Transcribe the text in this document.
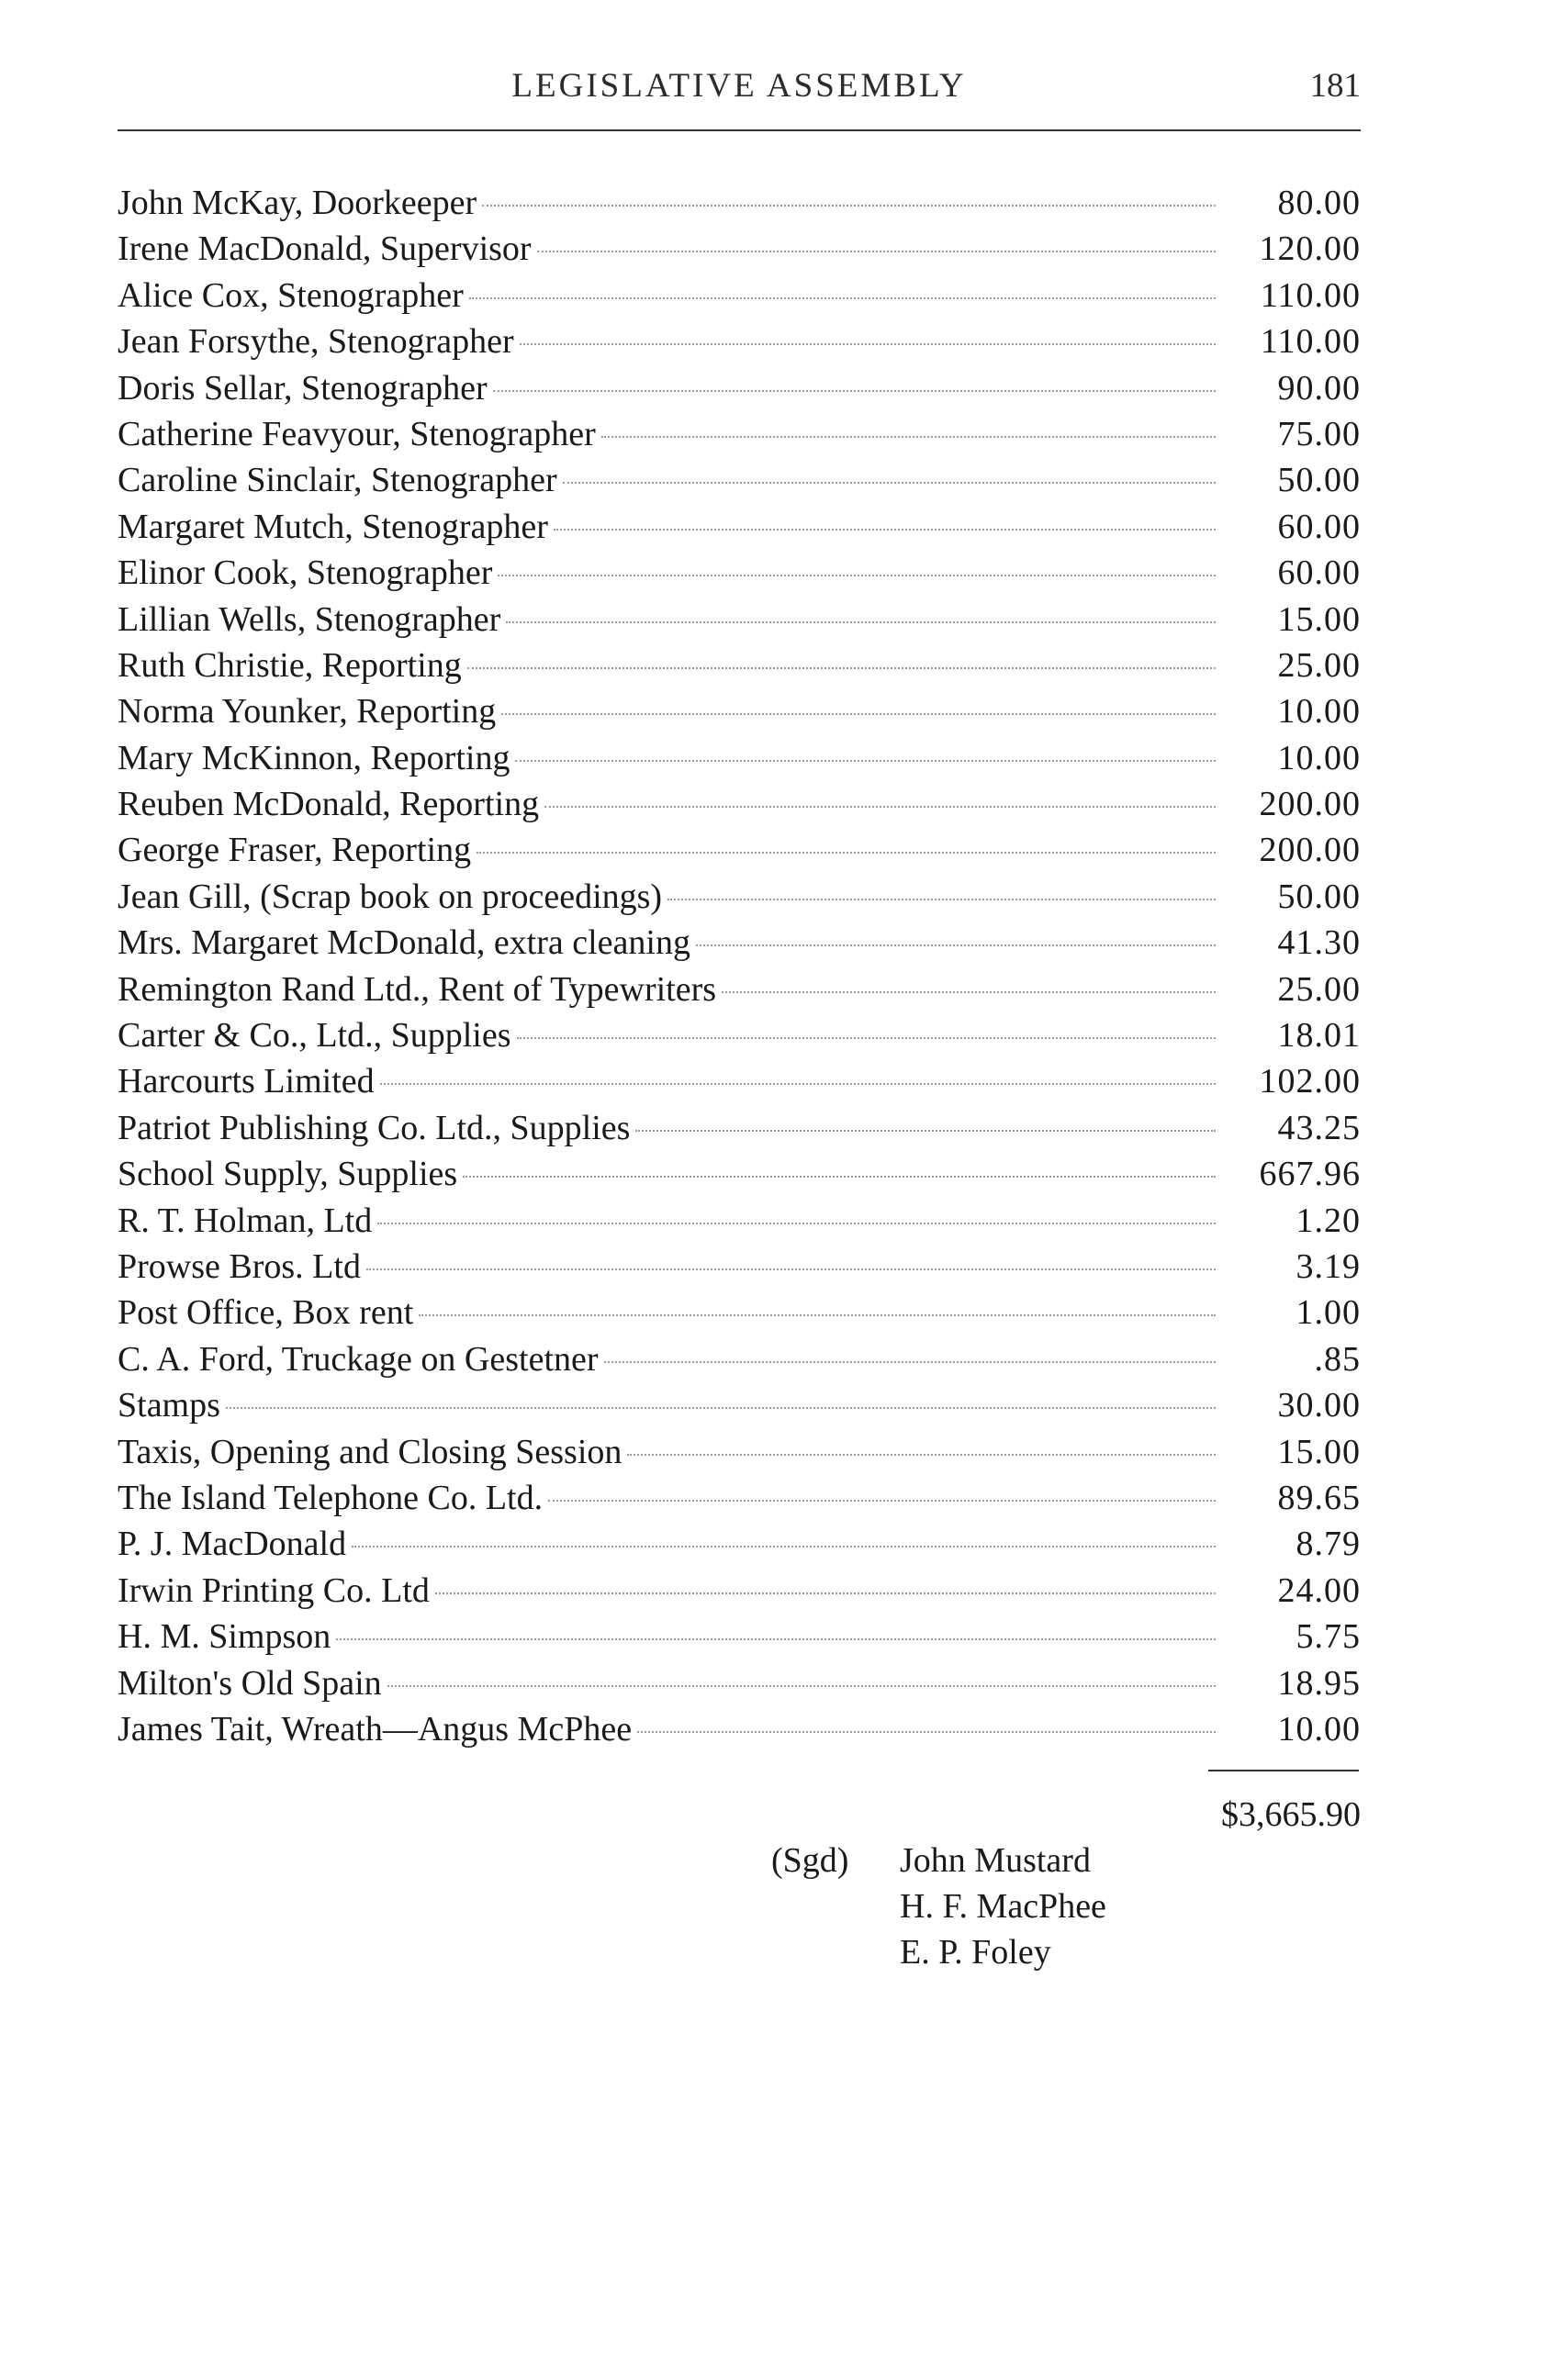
LEGISLATIVE ASSEMBLY	181
John McKay, Doorkeeper	80.00
Irene MacDonald, Supervisor	120.00
Alice Cox, Stenographer	110.00
Jean Forsythe, Stenographer	110.00
Doris Sellar, Stenographer	90.00
Catherine Feavyour, Stenographer	75.00
Caroline Sinclair, Stenographer	50.00
Margaret Mutch, Stenographer	60.00
Elinor Cook, Stenographer	60.00
Lillian Wells, Stenographer	15.00
Ruth Christie, Reporting	25.00
Norma Younker, Reporting	10.00
Mary McKinnon, Reporting	10.00
Reuben McDonald, Reporting	200.00
George Fraser, Reporting	200.00
Jean Gill, (Scrap book on proceedings)	50.00
Mrs. Margaret McDonald, extra cleaning	41.30
Remington Rand Ltd., Rent of Typewriters	25.00
Carter & Co., Ltd., Supplies	18.01
Harcourts Limited	102.00
Patriot Publishing Co. Ltd., Supplies	43.25
School Supply, Supplies	667.96
R. T. Holman, Ltd	1.20
Prowse Bros. Ltd	3.19
Post Office, Box rent	1.00
C. A. Ford, Truckage on Gestetner	.85
Stamps	30.00
Taxis, Opening and Closing Session	15.00
The Island Telephone Co. Ltd.	89.65
P. J. MacDonald	8.79
Irwin Printing Co. Ltd	24.00
H. M. Simpson	5.75
Milton's Old Spain	18.95
James Tait, Wreath—Angus McPhee	10.00
$3,665.90
(Sgd)	John Mustard
H. F. MacPhee
E. P. Foley
